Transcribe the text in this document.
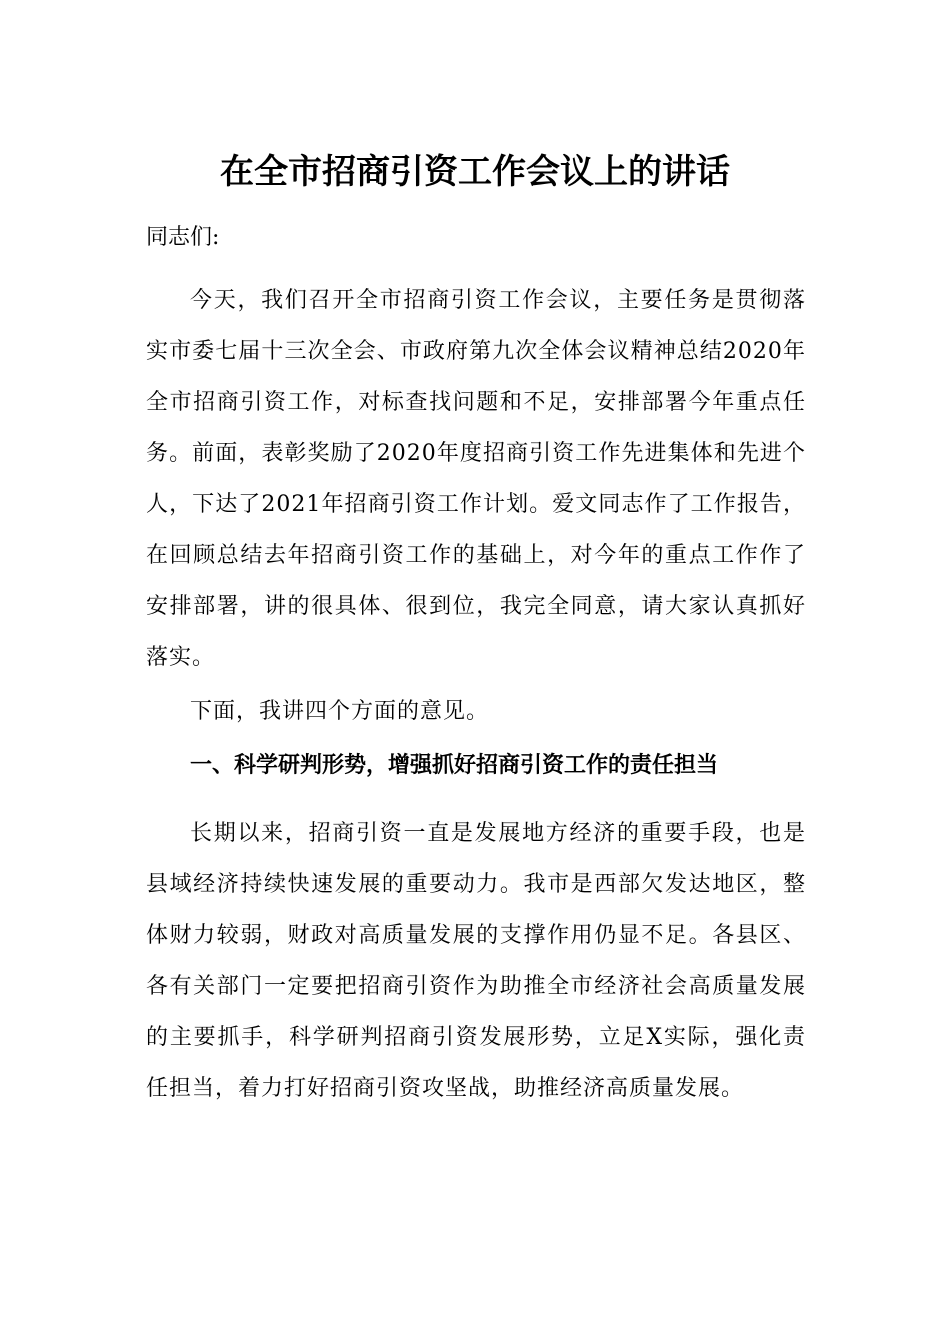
在全市招商引资工作会议上的讲话
同志们:
今天，我们召开全市招商引资工作会议，主要任务是贯彻落实市委七届十三次全会、市政府第九次全体会议精神总结2020年全市招商引资工作，对标查找问题和不足，安排部署今年重点任务。前面，表彰奖励了2020年度招商引资工作先进集体和先进个人，下达了2021年招商引资工作计划。爱文同志作了工作报告，在回顾总结去年招商引资工作的基础上，对今年的重点工作作了安排部署，讲的很具体、很到位，我完全同意，请大家认真抓好落实。
下面，我讲四个方面的意见。
一、科学研判形势，增强抓好招商引资工作的责任担当
长期以来，招商引资一直是发展地方经济的重要手段，也是县域经济持续快速发展的重要动力。我市是西部欠发达地区，整体财力较弱，财政对高质量发展的支撑作用仍显不足。各县区、各有关部门一定要把招商引资作为助推全市经济社会高质量发展的主要抓手，科学研判招商引资发展形势，立足X实际，强化责任担当，着力打好招商引资攻坚战，助推经济高质量发展。
